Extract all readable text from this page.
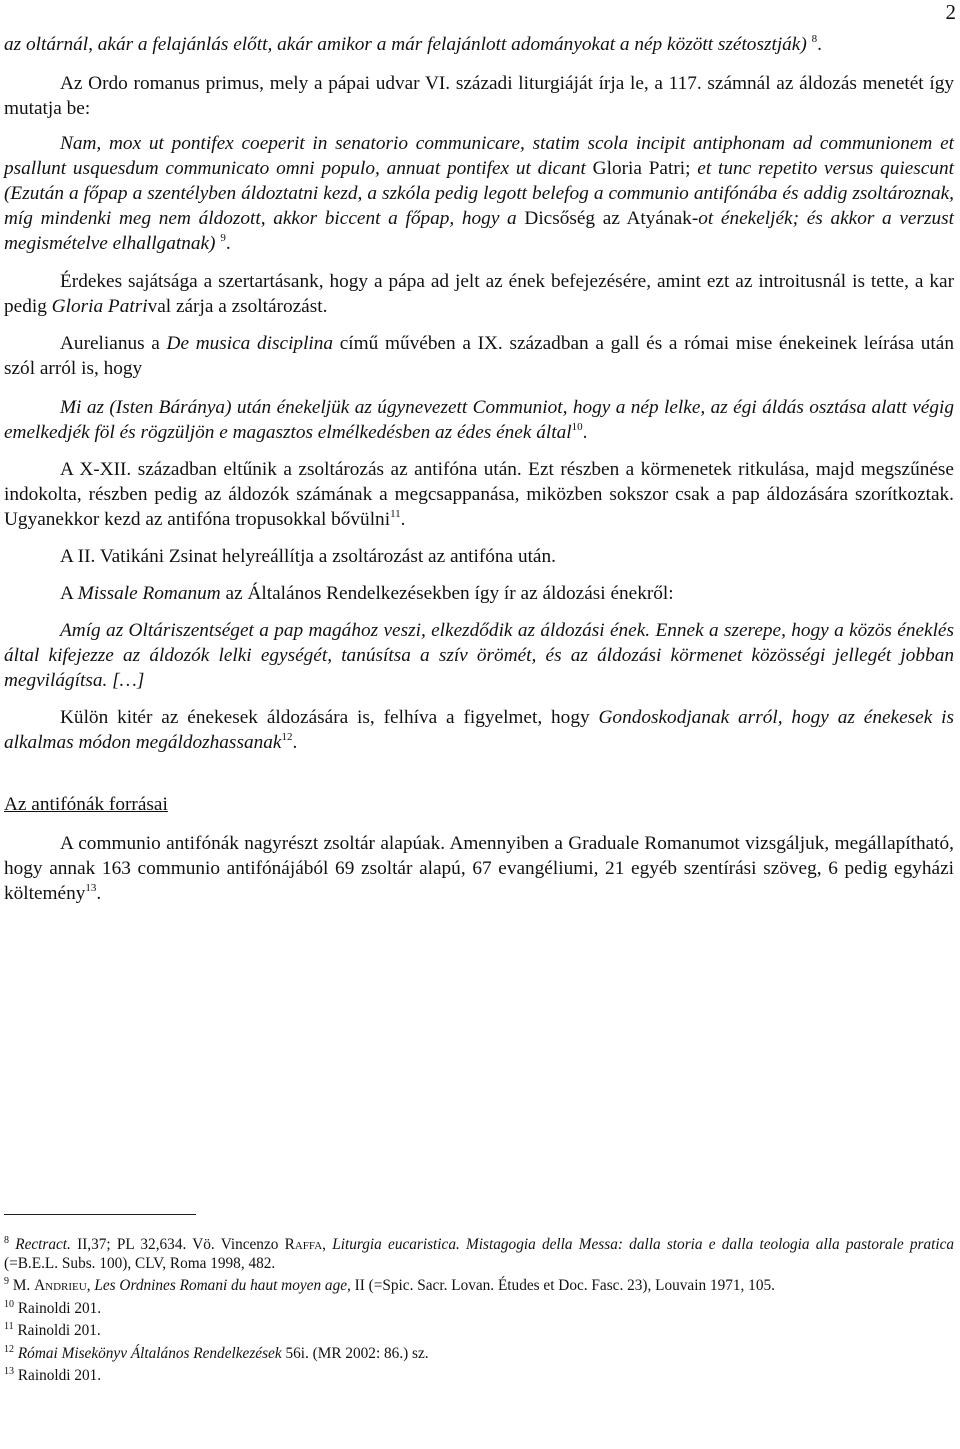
2

az oltárnál, akár a felajánlás előtt, akár amikor a már felajánlott adományokat a nép között szétosztják) $^8$.

Az Ordo romanus primus, mely a pápai udvar VI. századi liturgiáját írja le, a 117. számnál az áldozás menetét így mutatja be:

Nam, mox ut pontifex coeperit in senatorio communicare, statim scola incipit antiphonam ad communionem et psallunt usquesdum communicato omni populo, annuat pontifex ut dicant Gloria Patri; et tunc repetito versus quiescunt (Ezután a főpap a szentélyben áldoztatni kezd, a szkóla pedig legott belefog a communio antifónába és addig zsoltároznak, míg mindenki meg nem áldozott, akkor biccent a főpap, hogy a Dicsőség az Atyának-ot énekeljék; és akkor a verzust megismételve elhallgatnak) $^9$.

Érdekes sajátsága a szertartásank, hogy a pápa ad jelt az ének befejezésére, amint ezt az introitusnál is tette, a kar pedig Gloria Patrival zárja a zsoltározást.

Aurelianus a De musica disciplina című művében a IX. században a gall és a római mise énekeinek leírása után szól arról is, hogy

Mi az (Isten Báránya) után énekeljük az úgynevezett Communiot, hogy a nép lelke, az égi áldás osztása alatt végig emelkedjék föl és rögzüljön e magasztos elmélkedésben az édes ének által$^{10}$.

A X-XII. században eltűnik a zsoltározás az antifóna után. Ezt részben a körmenetek ritkulása, majd megszűnése indokolta, részben pedig az áldozók számának a megcsappanása, miközben sokszor csak a pap áldozására szorítkoztak. Ugyanekkor kezd az antifóna tropusokkal bővülni$^{11}$.

A II. Vatikáni Zsinat helyreállítja a zsoltározást az antifóna után.

A Missale Romanum az Általános Rendelkezésekben így ír az áldozási énekről:

Amíg az Oltáriszentséget a pap magához veszi, elkezdődik az áldozási ének. Ennek a szerepe, hogy a közös éneklés által kifejezze az áldozók lelki egységét, tanúsítsa a szív örömét, és az áldozási körmenet közösségi jellegét jobban megvilágítsa. […]

Külön kitér az énekesek áldozására is, felhíva a figyelmet, hogy Gondoskodjanak arról, hogy az énekesek is alkalmas módon megáldozhassanak$^{12}$.

Az antifónák forrásai

A communio antifónák nagyrészt zsoltár alapúak. Amennyiben a Graduale Romanumot vizsgáljuk, megállapítható, hogy annak 163 communio antifónájából 69 zsoltár alapú, 67 evangéliumi, 21 egyéb szentírási szöveg, 6 pedig egyházi költemény$^{13}$.

$^8$ Rectract. II,37; PL 32,634. Vö. Vincenzo Raffa, Liturgia eucaristica. Mistagogia della Messa: dalla storia e dalla teologia alla pastorale pratica (=B.E.L. Subs. 100), CLV, Roma 1998, 482.

$^9$ M. Andrieu, Les Ordnines Romani du haut moyen age, II (=Spic. Sacr. Lovan. Études et Doc. Fasc. 23), Louvain 1971, 105.

$^{10}$ Rainoldi 201.

$^{11}$ Rainoldi 201.

$^{12}$ Római Misekönyv Általános Rendelkezések 56i. (MR 2002: 86.) sz.

$^{13}$ Rainoldi 201.
